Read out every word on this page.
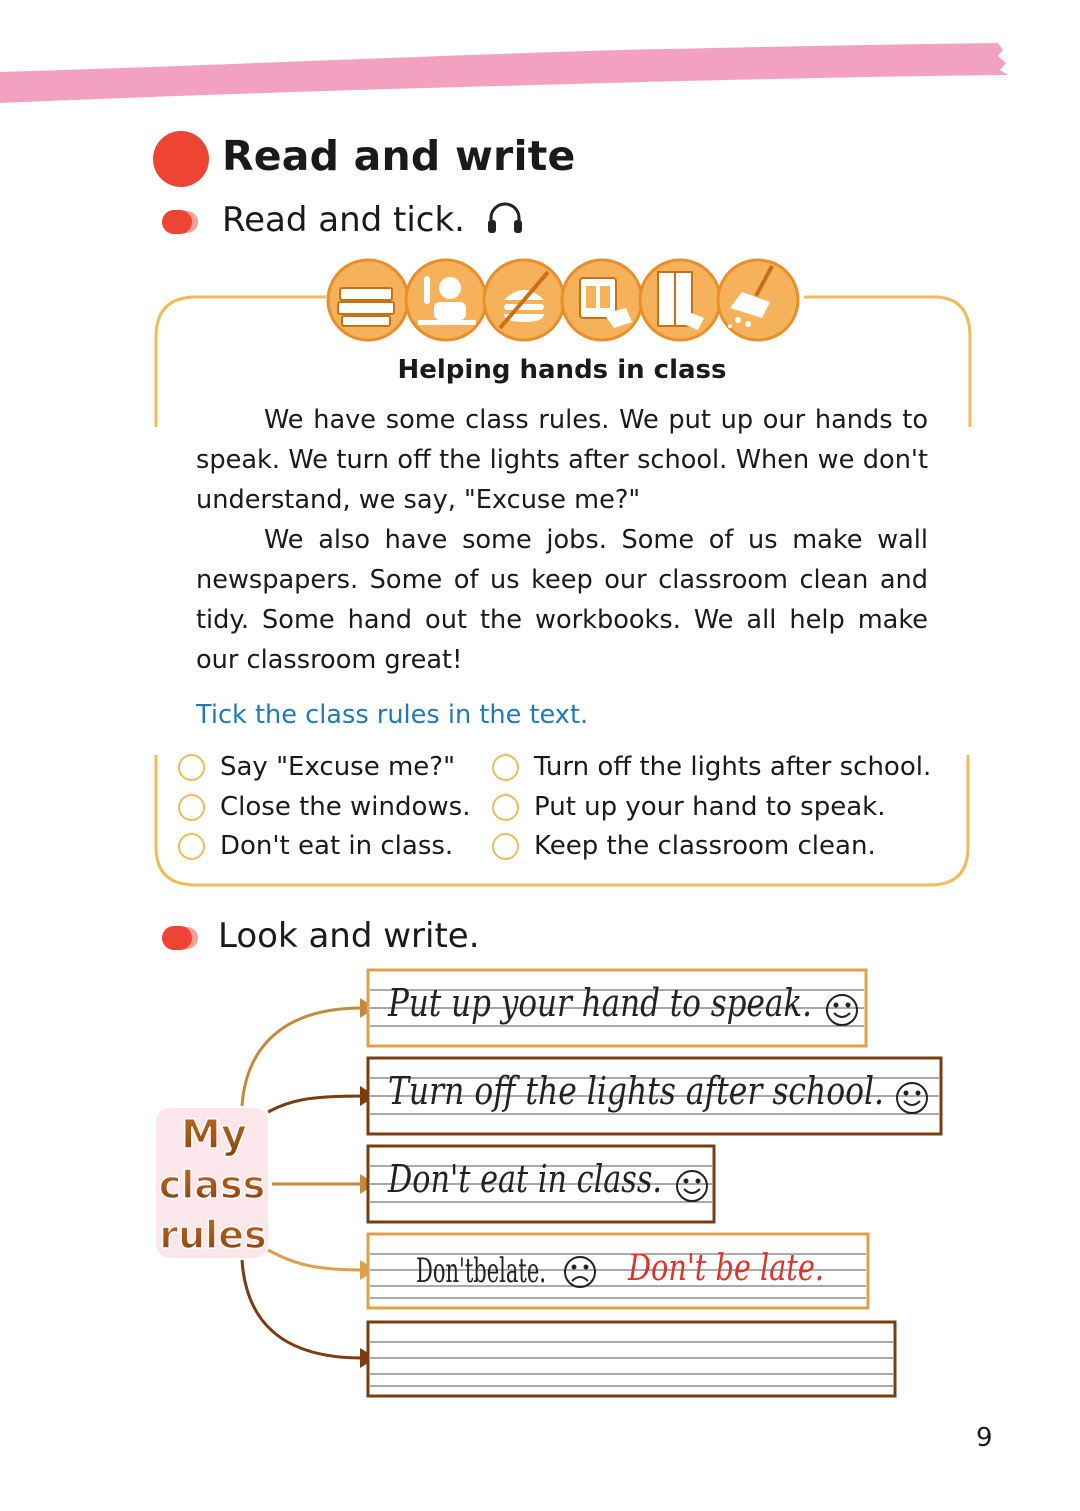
Read and write
Read and tick.
Helping hands in class
We have some class rules. We put up our hands to speak. We turn off the lights after school. When we don't understand, we say, "Excuse me?"
We also have some jobs. Some of us make wall newspapers. Some of us keep our classroom clean and tidy. Some hand out the workbooks. We all help make our classroom great!
Tick the class rules in the text.
Say "Excuse me?"
Close the windows.
Don't eat in class.
Turn off the lights after school.
Put up your hand to speak.
Keep the classroom clean.
Look and write.
My
class
rules
Put up your hand to speak.
Turn off the lights after school.
Don't eat in class.
Don'tbelate. Don't be late.
9
